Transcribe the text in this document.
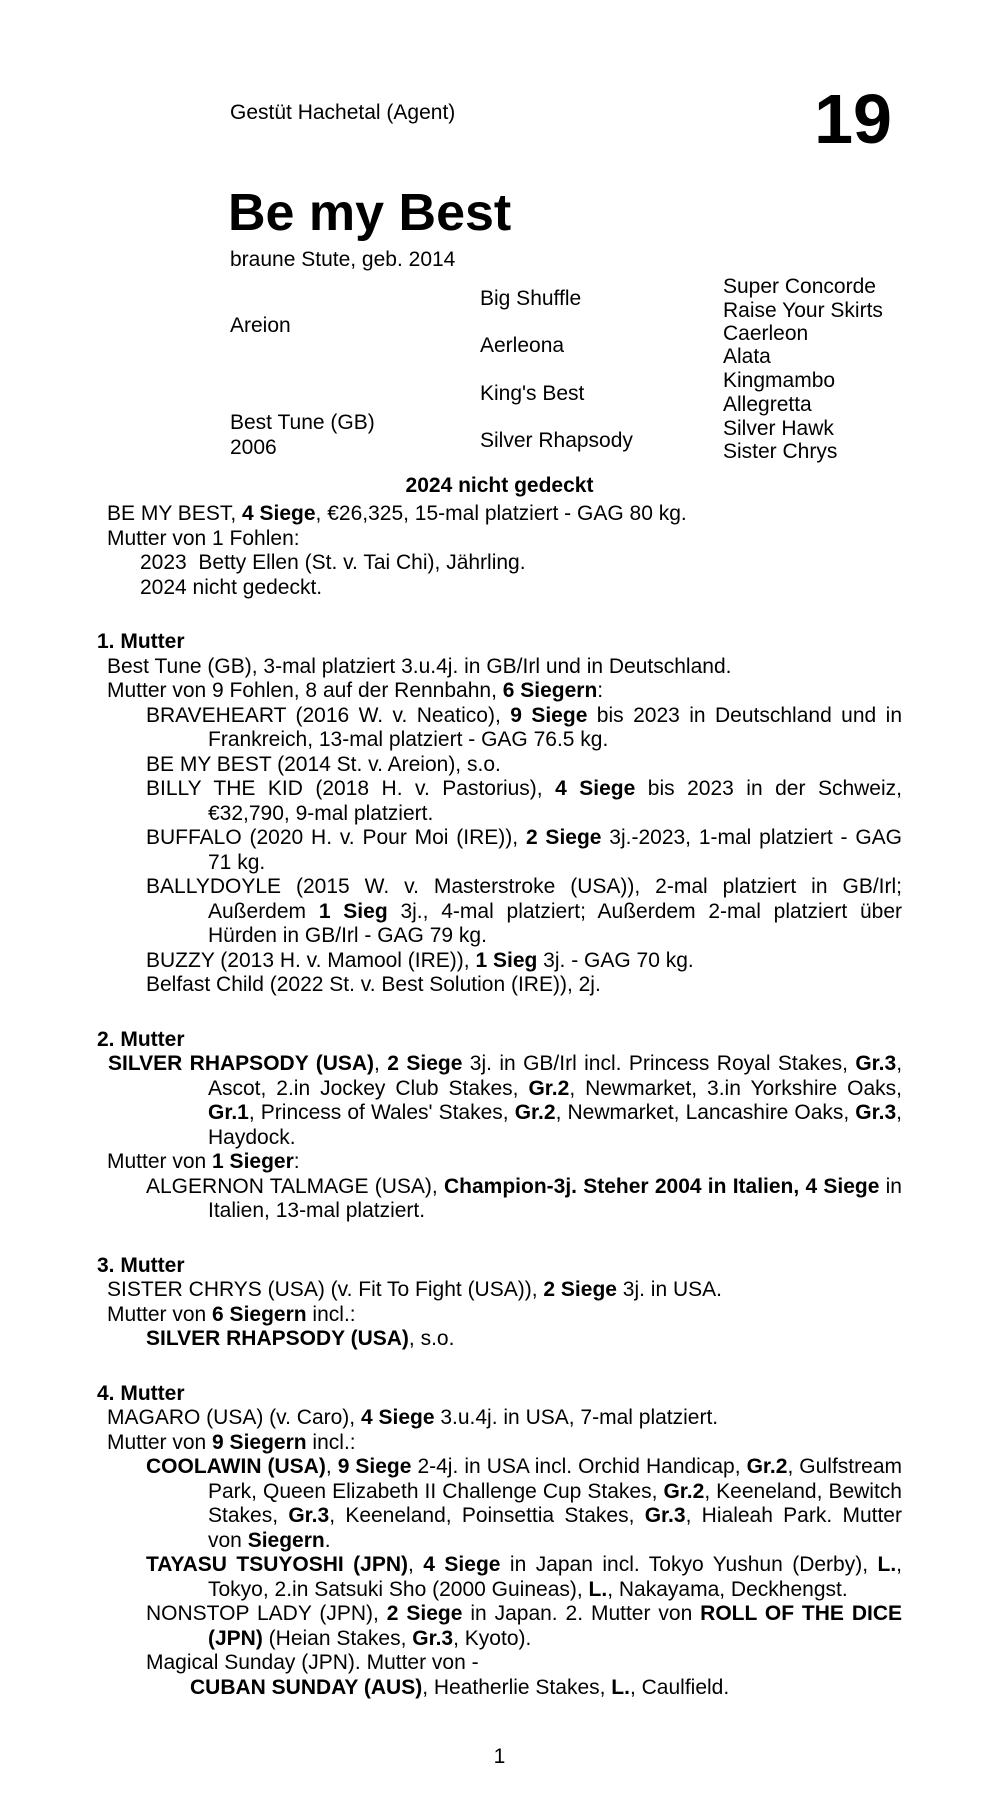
Gestüt Hachetal (Agent)	19
Be my Best
braune Stute, geb. 2014
Areion
Best Tune (GB)
2006
Big Shuffle
Aerleona
King's Best
Silver Rhapsody
Super Concorde
Raise Your Skirts
Caerleon
Alata
Kingmambo
Allegretta
Silver Hawk
Sister Chrys
2024 nicht gedeckt
BE MY BEST, 4 Siege, €26,325, 15-mal platziert - GAG 80 kg.
Mutter von 1 Fohlen:
2023  Betty Ellen (St. v. Tai Chi), Jährling.
2024 nicht gedeckt.
1. Mutter
Best Tune (GB), 3-mal platziert 3.u.4j. in GB/Irl und in Deutschland.
Mutter von 9 Fohlen, 8 auf der Rennbahn, 6 Siegern:
BRAVEHEART (2016 W. v. Neatico), 9 Siege bis 2023 in Deutschland und in Frankreich, 13-mal platziert - GAG 76.5 kg.
BE MY BEST (2014 St. v. Areion), s.o.
BILLY THE KID (2018 H. v. Pastorius), 4 Siege bis 2023 in der Schweiz, €32,790, 9-mal platziert.
BUFFALO (2020 H. v. Pour Moi (IRE)), 2 Siege 3j.-2023, 1-mal platziert - GAG 71 kg.
BALLYDOYLE (2015 W. v. Masterstroke (USA)), 2-mal platziert in GB/Irl; Außerdem 1 Sieg 3j., 4-mal platziert; Außerdem 2-mal platziert über Hürden in GB/Irl - GAG 79 kg.
BUZZY (2013 H. v. Mamool (IRE)), 1 Sieg 3j. - GAG 70 kg.
Belfast Child (2022 St. v. Best Solution (IRE)), 2j.
2. Mutter
SILVER RHAPSODY (USA), 2 Siege 3j. in GB/Irl incl. Princess Royal Stakes, Gr.3, Ascot, 2.in Jockey Club Stakes, Gr.2, Newmarket, 3.in Yorkshire Oaks, Gr.1, Princess of Wales' Stakes, Gr.2, Newmarket, Lancashire Oaks, Gr.3, Haydock.
Mutter von 1 Sieger:
ALGERNON TALMAGE (USA), Champion-3j. Steher 2004 in Italien, 4 Siege in Italien, 13-mal platziert.
3. Mutter
SISTER CHRYS (USA) (v. Fit To Fight (USA)), 2 Siege 3j. in USA.
Mutter von 6 Siegern incl.:
SILVER RHAPSODY (USA), s.o.
4. Mutter
MAGARO (USA) (v. Caro), 4 Siege 3.u.4j. in USA, 7-mal platziert.
Mutter von 9 Siegern incl.:
COOLAWIN (USA), 9 Siege 2-4j. in USA incl. Orchid Handicap, Gr.2, Gulfstream Park, Queen Elizabeth II Challenge Cup Stakes, Gr.2, Keeneland, Bewitch Stakes, Gr.3, Keeneland, Poinsettia Stakes, Gr.3, Hialeah Park. Mutter von Siegern.
TAYASU TSUYOSHI (JPN), 4 Siege in Japan incl. Tokyo Yushun (Derby), L., Tokyo, 2.in Satsuki Sho (2000 Guineas), L., Nakayama, Deckhengst.
NONSTOP LADY (JPN), 2 Siege in Japan. 2. Mutter von ROLL OF THE DICE (JPN) (Heian Stakes, Gr.3, Kyoto).
Magical Sunday (JPN). Mutter von -
CUBAN SUNDAY (AUS), Heatherlie Stakes, L., Caulfield.
1
